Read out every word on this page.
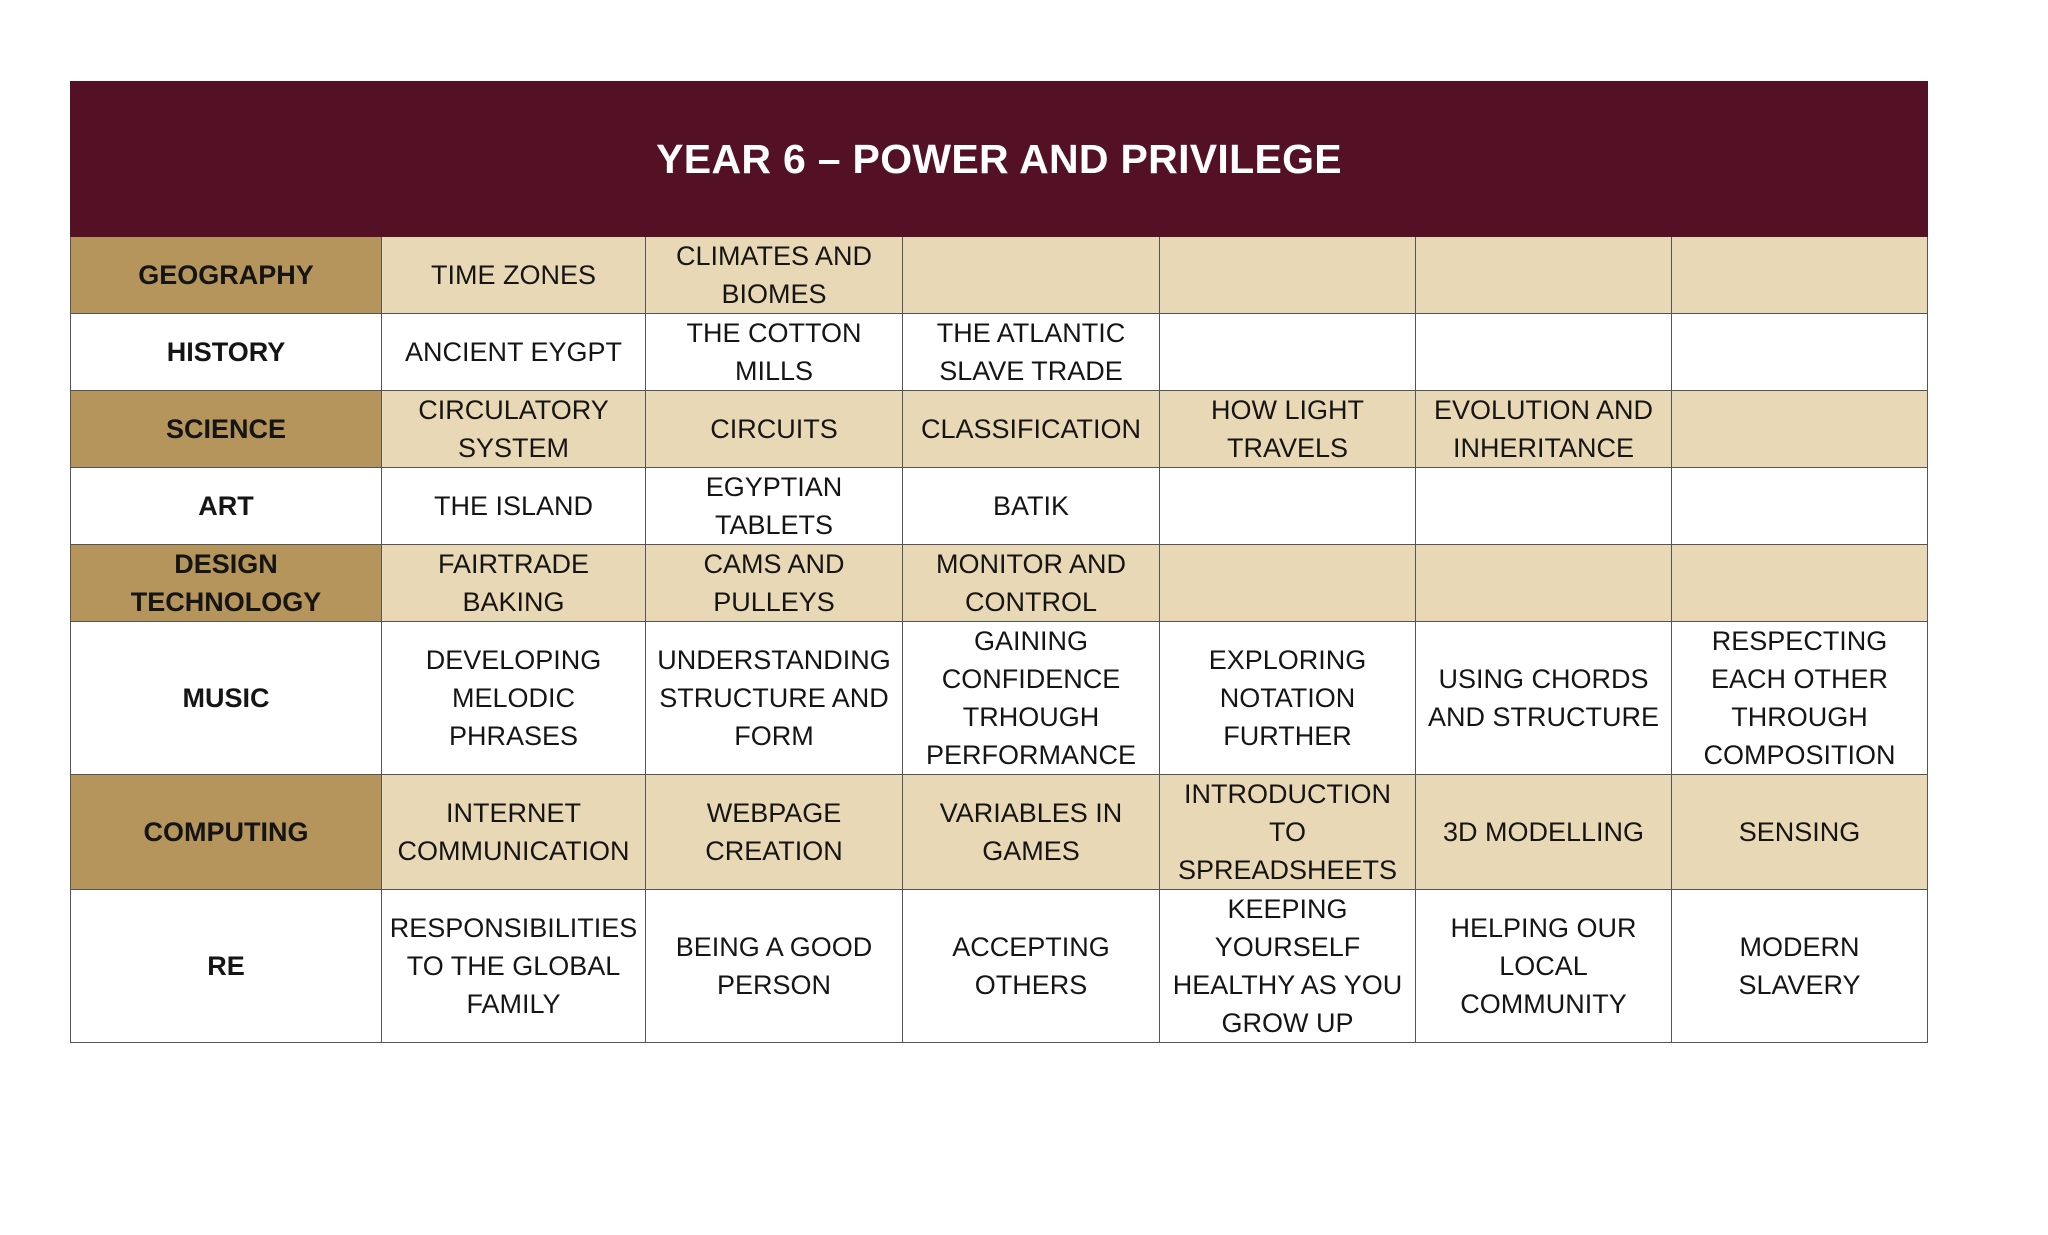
YEAR 6 – POWER AND PRIVILEGE						
GEOGRAPHY	TIME ZONES	CLIMATES AND BIOMES				
HISTORY	ANCIENT EYGPT	THE COTTON MILLS	THE ATLANTIC SLAVE TRADE			
SCIENCE	CIRCULATORY SYSTEM	CIRCUITS	CLASSIFICATION	HOW LIGHT TRAVELS	EVOLUTION AND INHERITANCE	
ART	THE ISLAND	EGYPTIAN TABLETS	BATIK			
DESIGN TECHNOLOGY	FAIRTRADE BAKING	CAMS AND PULLEYS	MONITOR AND CONTROL			
MUSIC	DEVELOPING MELODIC PHRASES	UNDERSTANDING STRUCTURE AND FORM	GAINING CONFIDENCE TRHOUGH PERFORMANCE	EXPLORING NOTATION FURTHER	USING CHORDS AND STRUCTURE	RESPECTING EACH OTHER THROUGH COMPOSITION
COMPUTING	INTERNET COMMUNICATION	WEBPAGE CREATION	VARIABLES IN GAMES	INTRODUCTION TO SPREADSHEETS	3D MODELLING	SENSING
RE	RESPONSIBILITIES TO THE GLOBAL FAMILY	BEING A GOOD PERSON	ACCEPTING OTHERS	KEEPING YOURSELF HEALTHY AS YOU GROW UP	HELPING OUR LOCAL COMMUNITY	MODERN SLAVERY
